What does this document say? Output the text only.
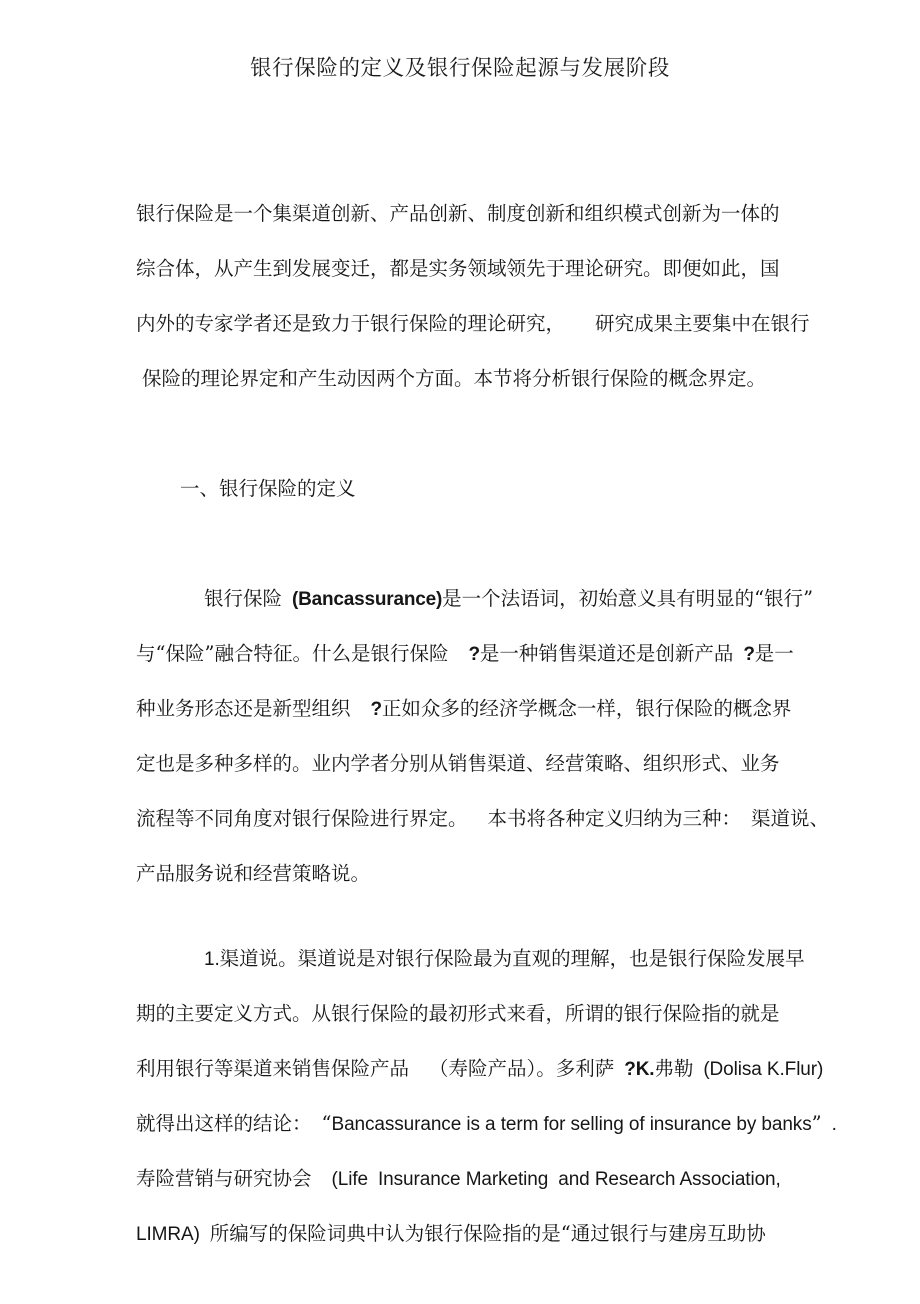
银行保险的定义及银行保险起源与发展阶段
银行保险是一个集渠道创新、产品创新、制度创新和组织模式创新为一体的
综合体，从产生到发展变迁，都是实务领域领先于理论研究。即便如此，国
内外的专家学者还是致力于银行保险的理论研究， 研究成果主要集中在银行
保险的理论界定和产生动因两个方面。本节将分析银行保险的概念界定。
一、银行保险的定义
银行保险 (Bancassurance)是一个法语词，初始意义具有明显的“银行”
与“保险”融合特征。什么是银行保险 ?是一种销售渠道还是创新产品 ?是一
种业务形态还是新型组织 ?正如众多的经济学概念一样，银行保险的概念界
定也是多种多样的。业内学者分别从销售渠道、经营策略、组织形式、业务
流程等不同角度对银行保险进行界定。 本书将各种定义归纳为三种： 渠道说、
产品服务说和经营策略说。
1.渠道说。渠道说是对银行保险最为直观的理解，也是银行保险发展早
期的主要定义方式。从银行保险的最初形式来看，所谓的银行保险指的就是
利用银行等渠道来销售保险产品 （寿险产品）。多利萨 ?K.弗勒 (Dolisa K.Flur)
就得出这样的结论： “Bancassurance is a term for selling of insurance by banks” .
寿险营销与研究协会 (Life Insurance Marketing and Research Association,
LIMRA) 所编写的保险词典中认为银行保险指的是“通过银行与建房互助协
